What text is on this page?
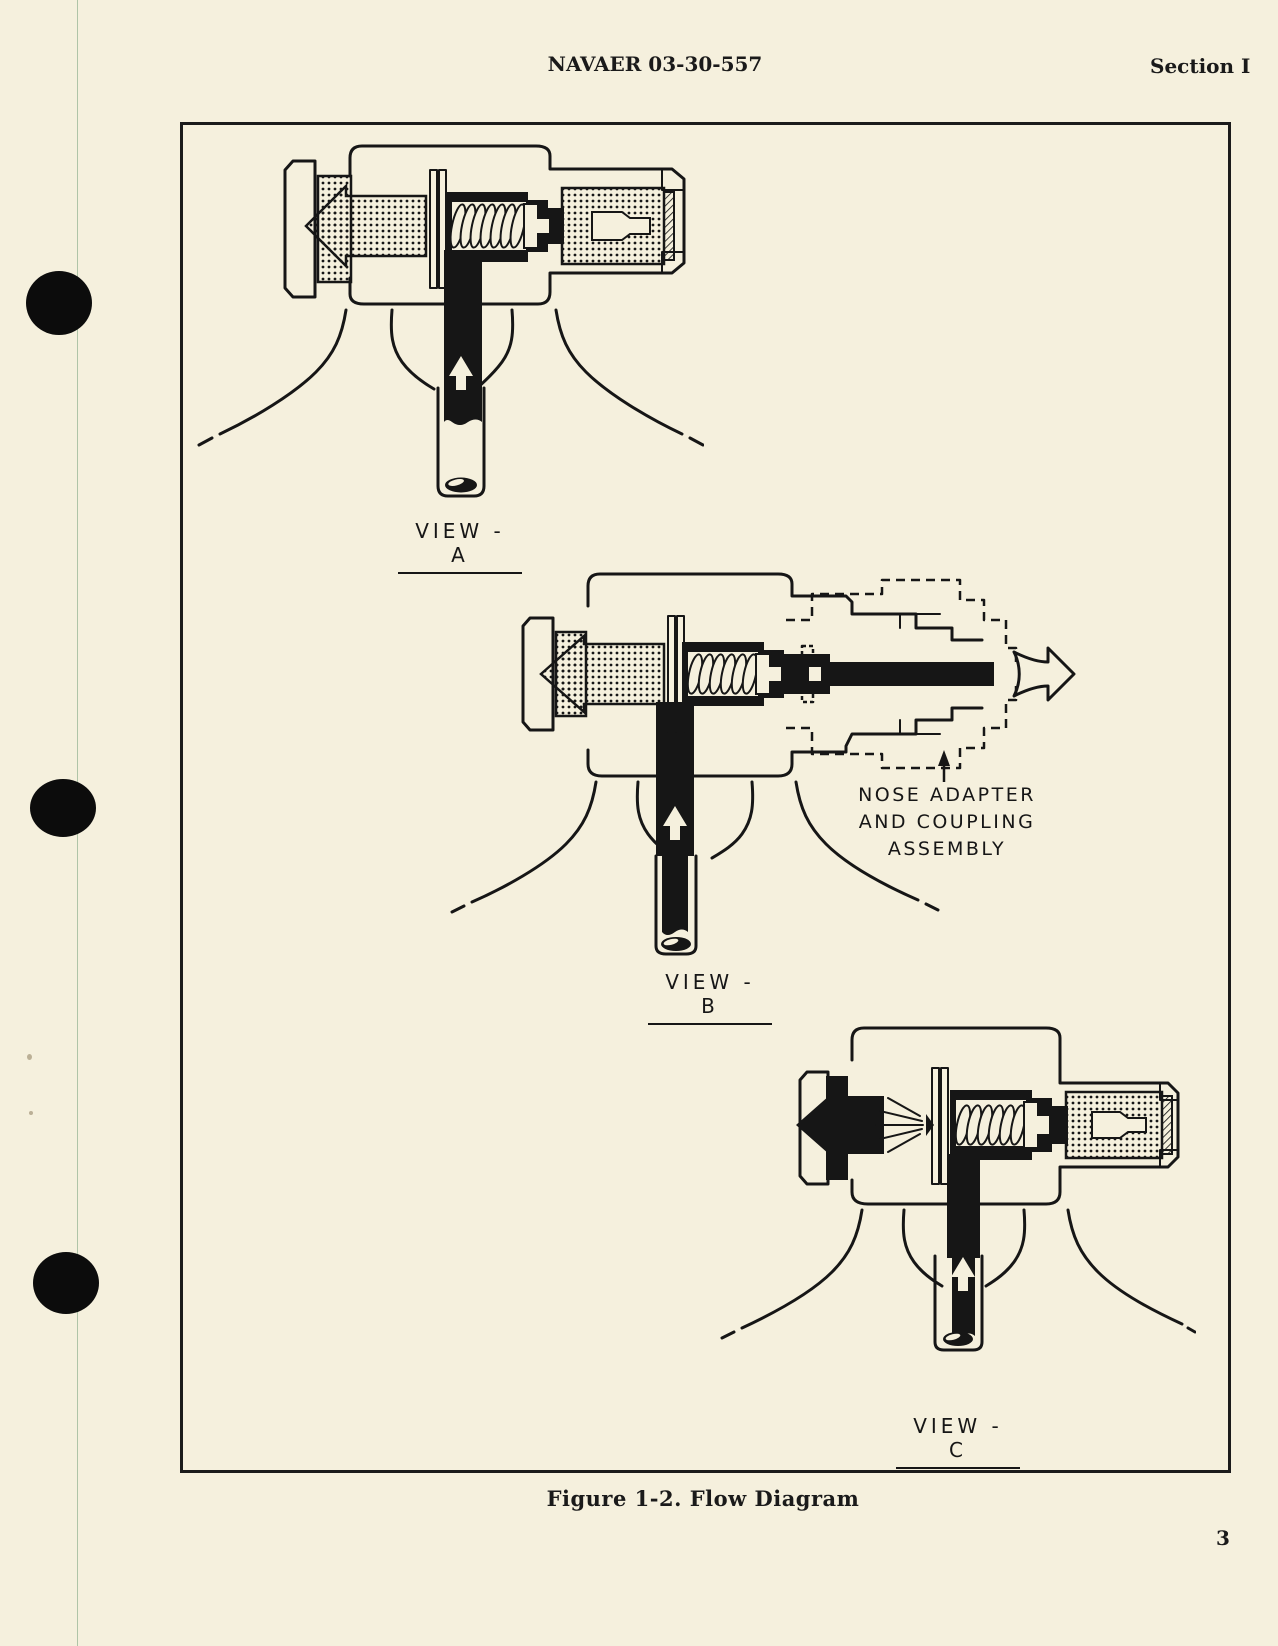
NAVAER 03-30-557	Section I
VIEW - A
NOSE ADAPTER
AND COUPLING
ASSEMBLY
VIEW - B
VIEW - C
Figure 1-2. Flow Diagram
3
